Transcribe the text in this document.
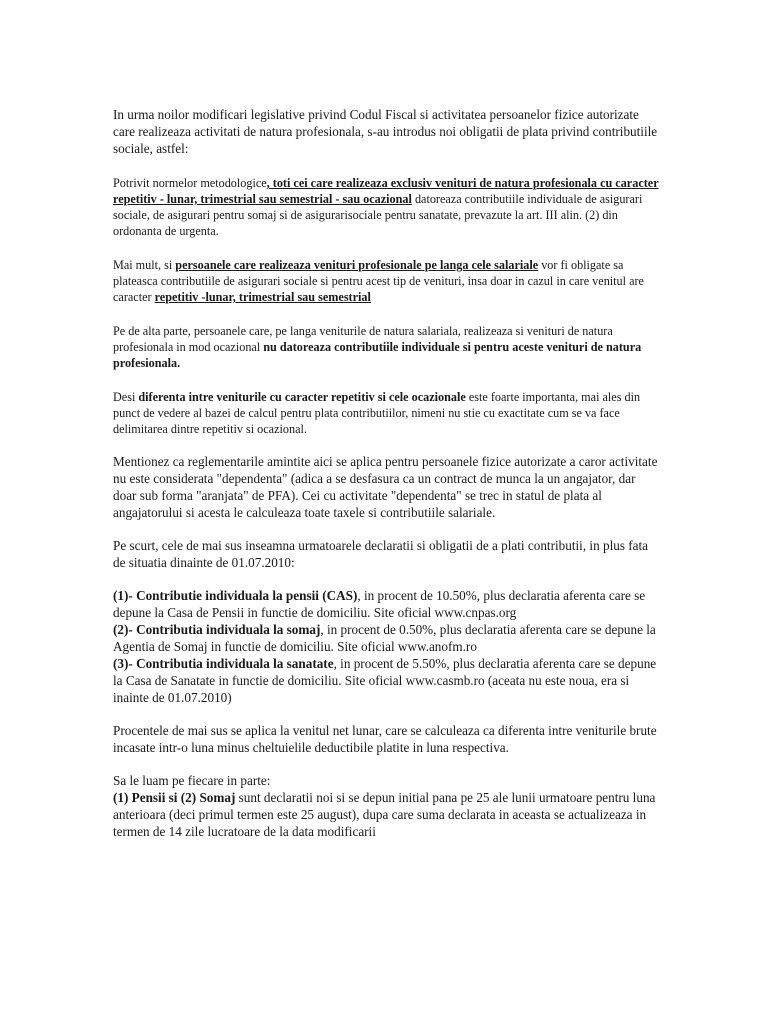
In urma noilor modificari legislative privind Codul Fiscal si activitatea persoanelor fizice autorizate care realizeaza activitati de natura profesionala, s-au introdus noi obligatii de plata privind contributiile sociale, astfel:

Potrivit normelor metodologice, toti cei care realizeaza exclusiv venituri de natura profesionala cu caracter repetitiv - lunar, trimestrial sau semestrial - sau ocazional datoreaza contributiile individuale de asigurari sociale, de asigurari pentru somaj si de asigurarisociale pentru sanatate, prevazute la art. III alin. (2) din ordonanta de urgenta.

Mai mult, si persoanele care realizeaza venituri profesionale pe langa cele salariale vor fi obligate sa plateasca contributiile de asigurari sociale si pentru acest tip de venituri, insa doar in cazul in care venitul are caracter repetitiv -lunar, trimestrial sau semestrial

Pe de alta parte, persoanele care, pe langa veniturile de natura salariala, realizeaza si venituri de natura profesionala in mod ocazional nu datoreaza contributiile individuale si pentru aceste venituri de natura profesionala.

Desi diferenta intre veniturile cu caracter repetitiv si cele ocazionale este foarte importanta, mai ales din punct de vedere al bazei de calcul pentru plata contributiilor, nimeni nu stie cu exactitate cum se va face delimitarea dintre repetitiv si ocazional.

Mentionez ca reglementarile amintite aici se aplica pentru persoanele fizice autorizate a caror activitate nu este considerata "dependenta" (adica a se desfasura ca un contract de munca la un angajator, dar doar sub forma "aranjata" de PFA). Cei cu activitate "dependenta" se trec in statul de plata al angajatorului si acesta le calculeaza toate taxele si contributiile salariale.

Pe scurt, cele de mai sus inseamna urmatoarele declaratii si obligatii de a plati contributii, in plus fata de situatia dinainte de 01.07.2010:

(1)- Contributie individuala la pensii (CAS), in procent de 10.50%, plus declaratia aferenta care se depune la Casa de Pensii in functie de domiciliu. Site oficial www.cnpas.org

(2)- Contributia individuala la somaj, in procent de 0.50%, plus declaratia aferenta care se depune la Agentia de Somaj in functie de domiciliu. Site oficial www.anofm.ro

(3)- Contributia individuala la sanatate, in procent de 5.50%, plus declaratia aferenta care se depune la Casa de Sanatate in functie de domiciliu. Site oficial www.casmb.ro (aceata nu este noua, era si inainte de 01.07.2010)

Procentele de mai sus se aplica la venitul net lunar, care se calculeaza ca diferenta intre veniturile brute incasate intr-o luna minus cheltuielile deductibile platite in luna respectiva.

Sa le luam pe fiecare in parte:

(1) Pensii si (2) Somaj sunt declaratii noi si se depun initial pana pe 25 ale lunii urmatoare pentru luna anterioara (deci primul termen este 25 august), dupa care suma declarata in aceasta se actualizeaza in termen de 14 zile lucratoare de la data modificarii
